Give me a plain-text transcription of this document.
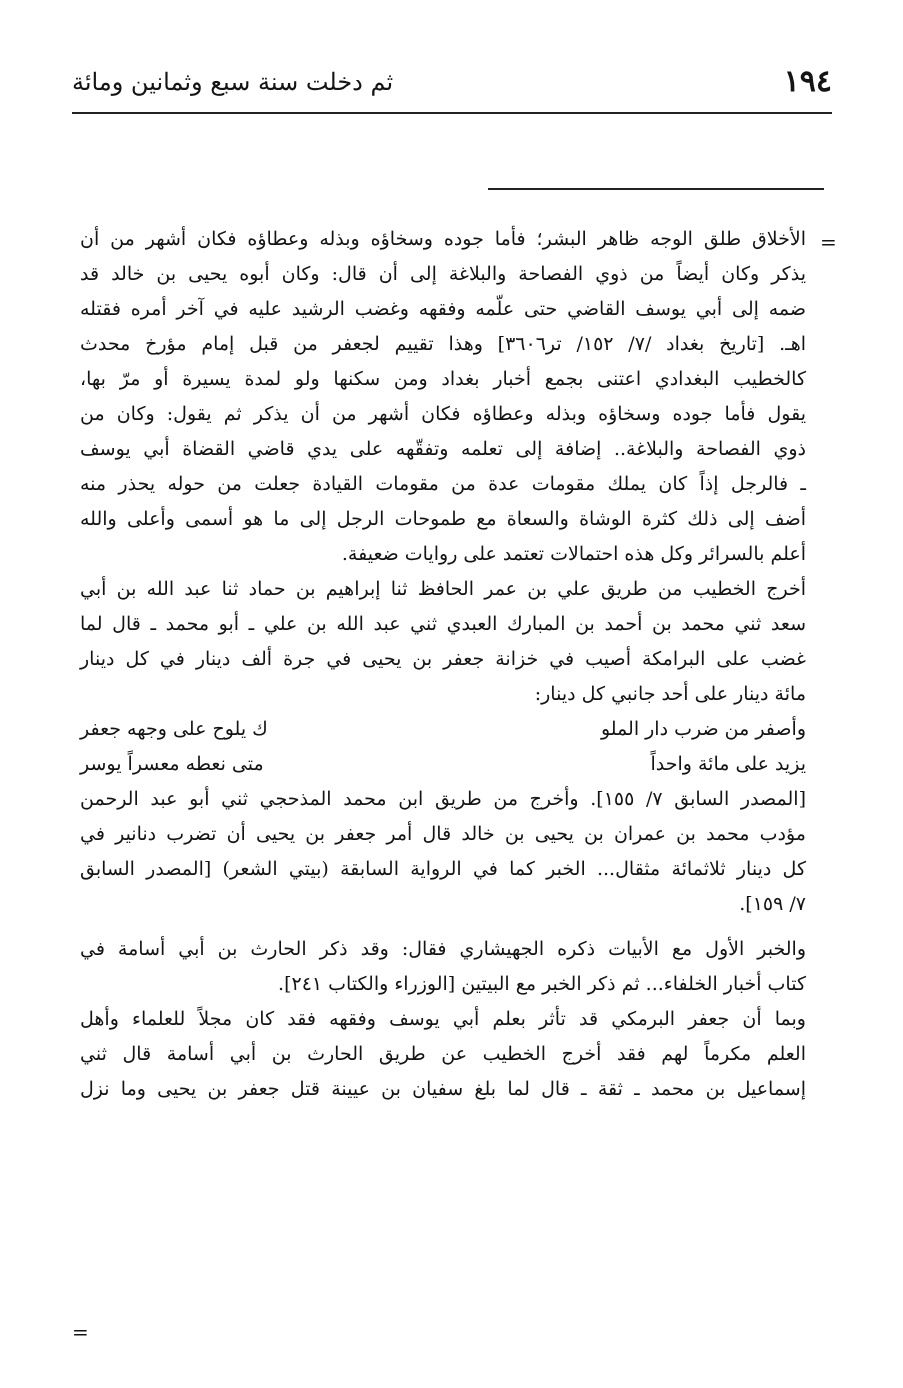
١٩٤
ثم دخلت سنة سبع وثمانين ومائة
=
=
الأخلاق طلق الوجه ظاهر البشر؛ فأما جوده وسخاؤه وبذله وعطاؤه فكان أشهر من أن
يذكر وكان أيضاً من ذوي الفصاحة والبلاغة إلى أن قال: وكان أبوه يحيى بن خالد قد
ضمه إلى أبي يوسف القاضي حتى علّمه وفقهه وغضب الرشيد عليه في آخر أمره فقتله
اهـ. [تاريخ بغداد /٧/ ١٥٢/ تر٣٦٠٦] وهذا تقييم لجعفر من قبل إمام مؤرخ محدث
كالخطيب البغدادي اعتنى بجمع أخبار بغداد ومن سكنها ولو لمدة يسيرة أو مرّ بها،
يقول فأما جوده وسخاؤه وبذله وعطاؤه فكان أشهر من أن يذكر ثم يقول: وكان من
ذوي الفصاحة والبلاغة.. إضافة إلى تعلمه وتفقّهه على يدي قاضي القضاة أبي يوسف
ـ فالرجل إذاً كان يملك مقومات عدة من مقومات القيادة جعلت من حوله يحذر منه
أضف إلى ذلك كثرة الوشاة والسعاة مع طموحات الرجل إلى ما هو أسمى وأعلى والله
أعلم بالسرائر وكل هذه احتمالات تعتمد على روايات ضعيفة.
أخرج الخطيب من طريق علي بن عمر الحافظ ثنا إبراهيم بن حماد ثنا عبد الله بن أبي
سعد ثني محمد بن أحمد بن المبارك العبدي ثني عبد الله بن علي ـ أبو محمد ـ قال لما
غضب على البرامكة أصيب في خزانة جعفر بن يحيى في جرة ألف دينار في كل دينار
مائة دينار على أحد جانبي كل دينار:
وأصفر من ضرب دار الملو
ك يلوح على وجهه جعفر
يزيد على مائة واحداً
متى نعطه معسراً يوسر
[المصدر السابق ٧/ ١٥٥]. وأخرج من طريق ابن محمد المذحجي ثني أبو عبد الرحمن
مؤدب محمد بن عمران بن يحيى بن خالد قال أمر جعفر بن يحيى أن تضرب دنانير في
كل دينار ثلاثمائة مثقال... الخبر كما في الرواية السابقة (بيتي الشعر) [المصدر السابق
٧/ ١٥٩].
والخبر الأول مع الأبيات ذكره الجهيشاري فقال: وقد ذكر الحارث بن أبي أسامة في
كتاب أخبار الخلفاء... ثم ذكر الخبر مع البيتين [الوزراء والكتاب ٢٤١].
وبما أن جعفر البرمكي قد تأثر بعلم أبي يوسف وفقهه فقد كان مجلاً للعلماء وأهل
العلم مكرماً لهم فقد أخرج الخطيب عن طريق الحارث بن أبي أسامة قال ثني
إسماعيل بن محمد ـ ثقة ـ قال لما بلغ سفيان بن عيينة قتل جعفر بن يحيى وما نزل
